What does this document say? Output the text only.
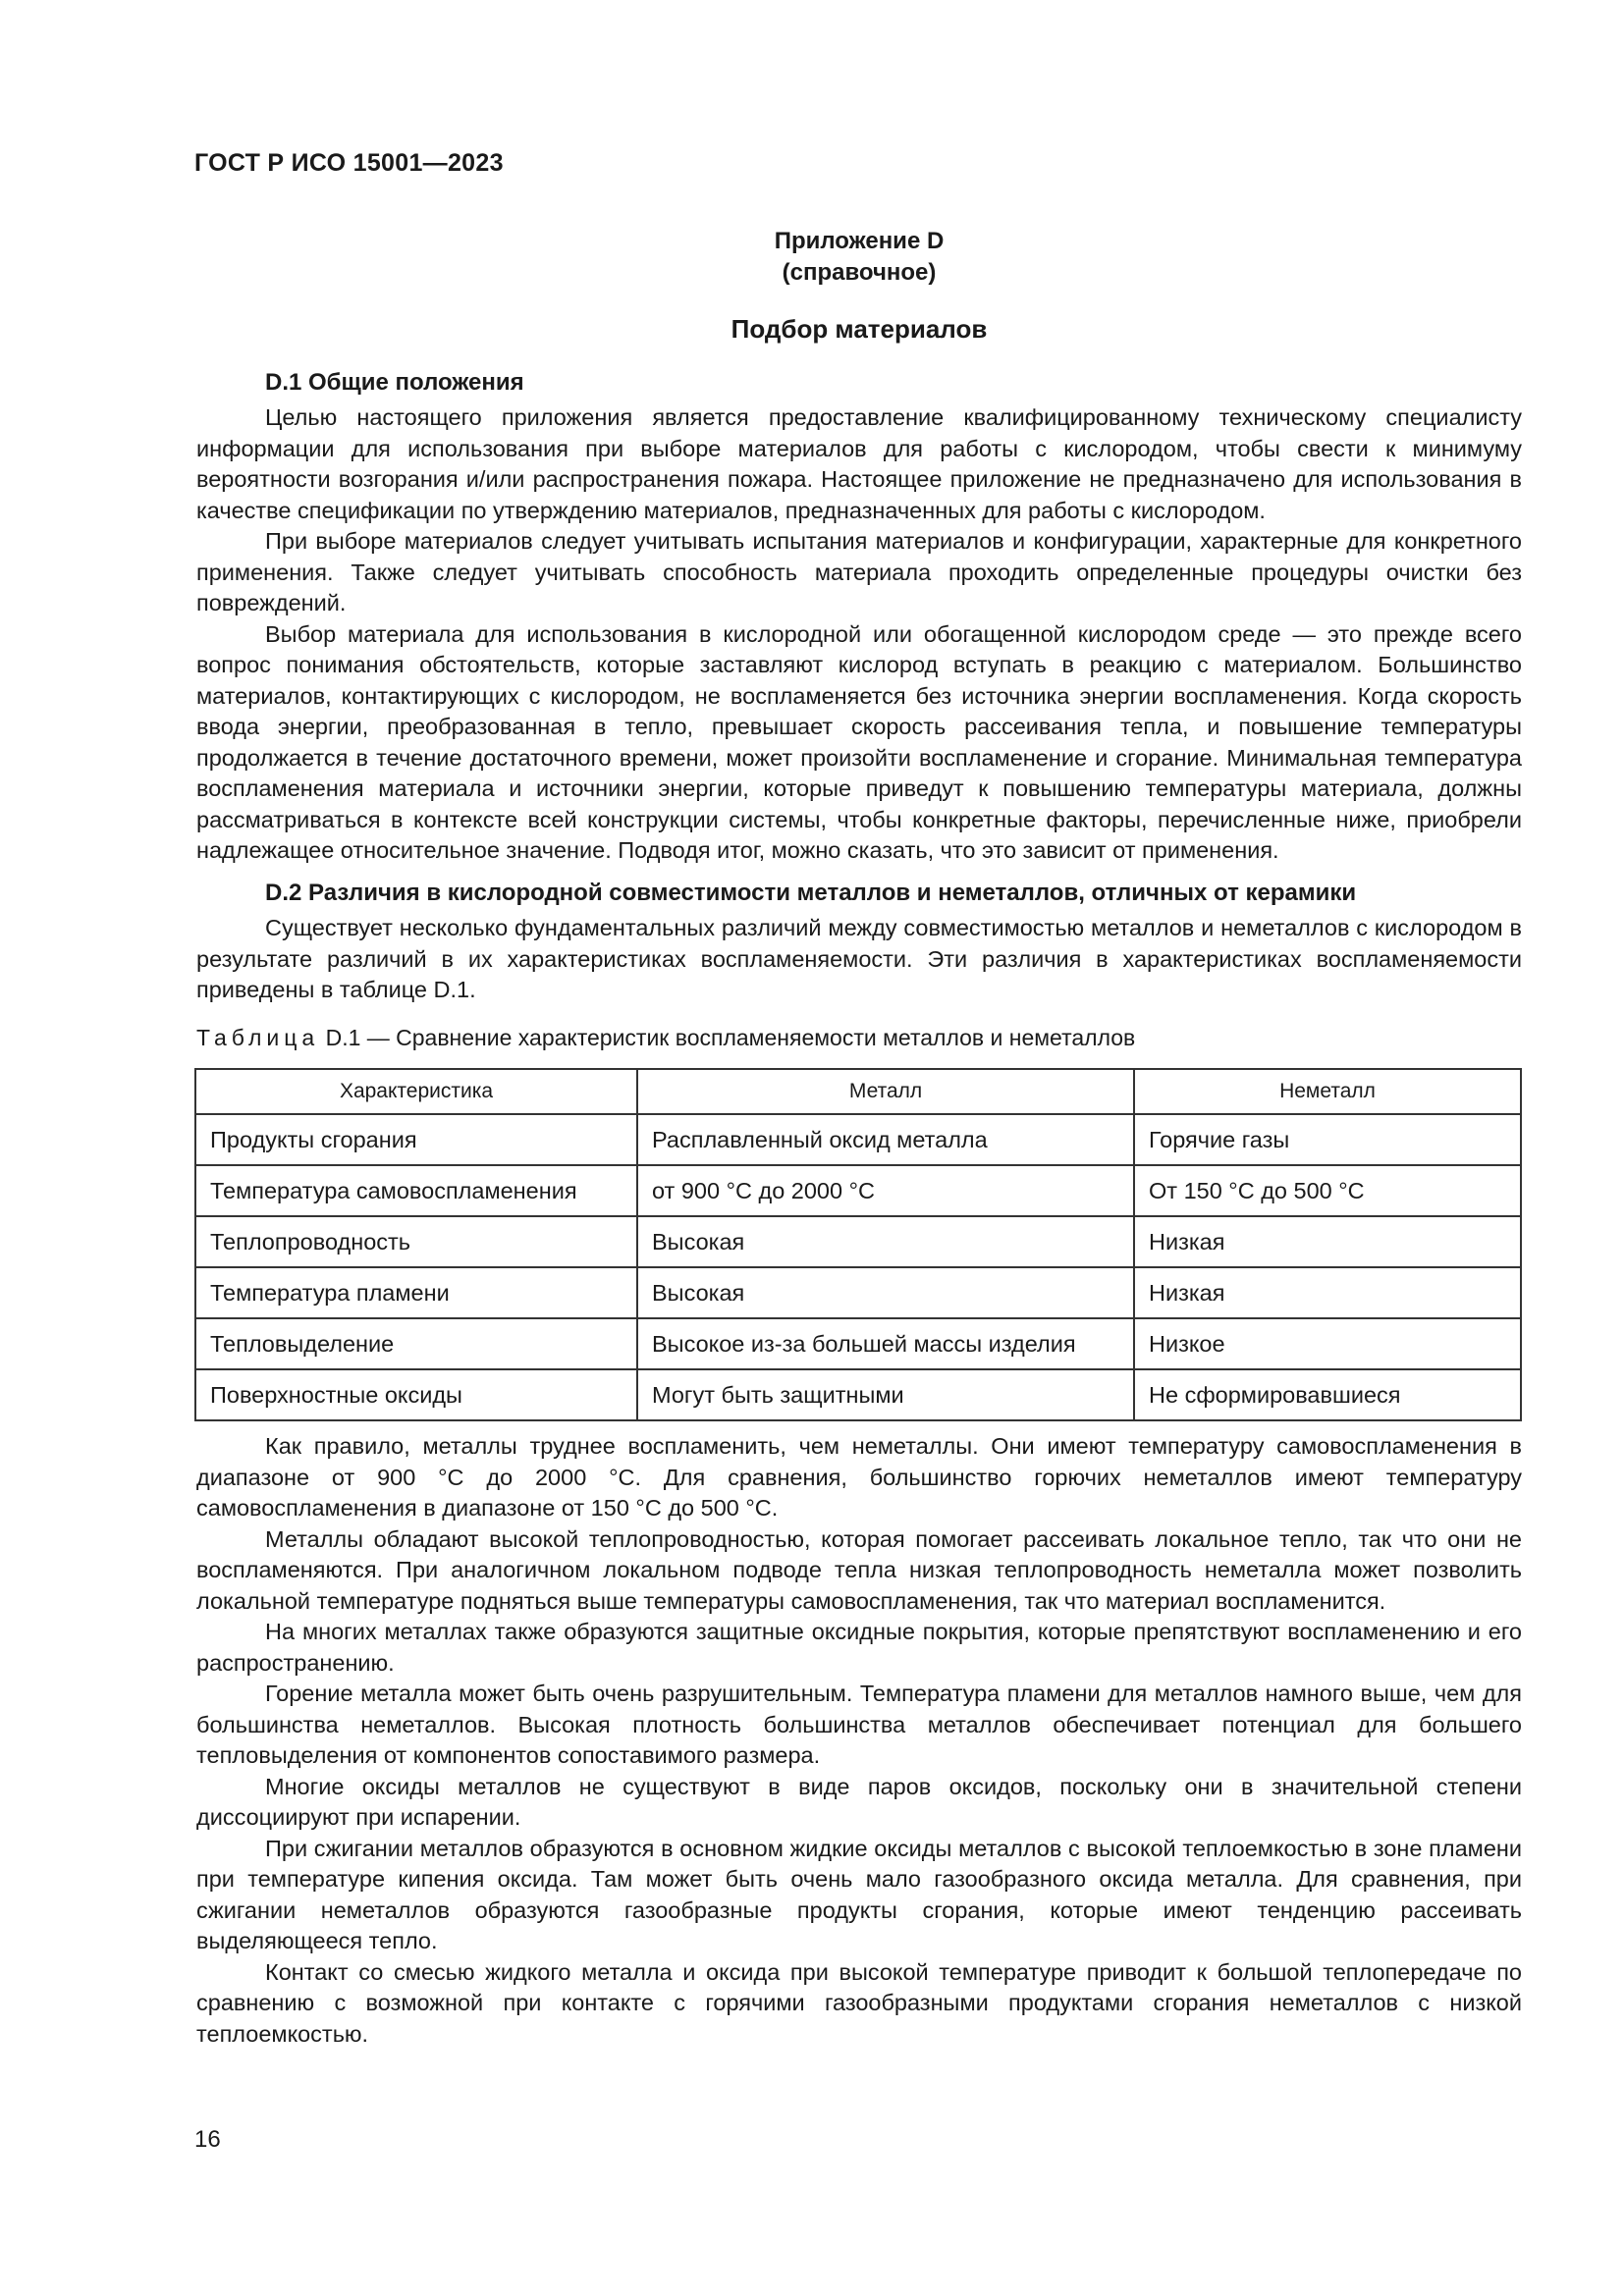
ГОСТ Р ИСО 15001—2023
Приложение D
(справочное)
Подбор материалов
D.1 Общие положения

Целью настоящего приложения является предоставление квалифицированному техническому специалисту информации для использования при выборе материалов для работы с кислородом, чтобы свести к минимуму вероятности возгорания и/или распространения пожара. Настоящее приложение не предназначено для использования в качестве спецификации по утверждению материалов, предназначенных для работы с кислородом.

При выборе материалов следует учитывать испытания материалов и конфигурации, характерные для конкретного применения. Также следует учитывать способность материала проходить определенные процедуры очистки без повреждений.

Выбор материала для использования в кислородной или обогащенной кислородом среде — это прежде всего вопрос понимания обстоятельств, которые заставляют кислород вступать в реакцию с материалом. Большинство материалов, контактирующих с кислородом, не воспламеняется без источника энергии воспламенения. Когда скорость ввода энергии, преобразованная в тепло, превышает скорость рассеивания тепла, и повышение температуры продолжается в течение достаточного времени, может произойти воспламенение и сгорание. Минимальная температура воспламенения материала и источники энергии, которые приведут к повышению температуры материала, должны рассматриваться в контексте всей конструкции системы, чтобы конкретные факторы, перечисленные ниже, приобрели надлежащее относительное значение. Подводя итог, можно сказать, что это зависит от применения.

D.2 Различия в кислородной совместимости металлов и неметаллов, отличных от керамики

Существует несколько фундаментальных различий между совместимостью металлов и неметаллов с кислородом в результате различий в их характеристиках воспламеняемости. Эти различия в характеристиках воспламеняемости приведены в таблице D.1.

Таблица D.1 — Сравнение характеристик воспламеняемости металлов и неметаллов
Характеристика	Металл	Неметалл
Продукты сгорания	Расплавленный оксид металла	Горячие газы
Температура самовоспламенения	от 900 °С до 2000 °С	От 150 °С до 500 °С
Теплопроводность	Высокая	Низкая
Температура пламени	Высокая	Низкая
Тепловыделение	Высокое из-за большей массы изделия	Низкое
Поверхностные оксиды	Могут быть защитными	Не сформировавшиеся

Как правило, металлы труднее воспламенить, чем неметаллы. Они имеют температуру самовоспламенения в диапазоне от 900 °С до 2000 °С. Для сравнения, большинство горючих неметаллов имеют температуру самовоспламенения в диапазоне от 150 °С до 500 °С.

Металлы обладают высокой теплопроводностью, которая помогает рассеивать локальное тепло, так что они не воспламеняются. При аналогичном локальном подводе тепла низкая теплопроводность неметалла может позволить локальной температуре подняться выше температуры самовоспламенения, так что материал воспламенится.

На многих металлах также образуются защитные оксидные покрытия, которые препятствуют воспламенению и его распространению.

Горение металла может быть очень разрушительным. Температура пламени для металлов намного выше, чем для большинства неметаллов. Высокая плотность большинства металлов обеспечивает потенциал для большего тепловыделения от компонентов сопоставимого размера.

Многие оксиды металлов не существуют в виде паров оксидов, поскольку они в значительной степени диссоциируют при испарении.

При сжигании металлов образуются в основном жидкие оксиды металлов с высокой теплоемкостью в зоне пламени при температуре кипения оксида. Там может быть очень мало газообразного оксида металла. Для сравнения, при сжигании неметаллов образуются газообразные продукты сгорания, которые имеют тенденцию рассеивать выделяющееся тепло.

Контакт со смесью жидкого металла и оксида при высокой температуре приводит к большой теплопередаче по сравнению с возможной при контакте с горячими газообразными продуктами сгорания неметаллов с низкой теплоемкостью.

16
